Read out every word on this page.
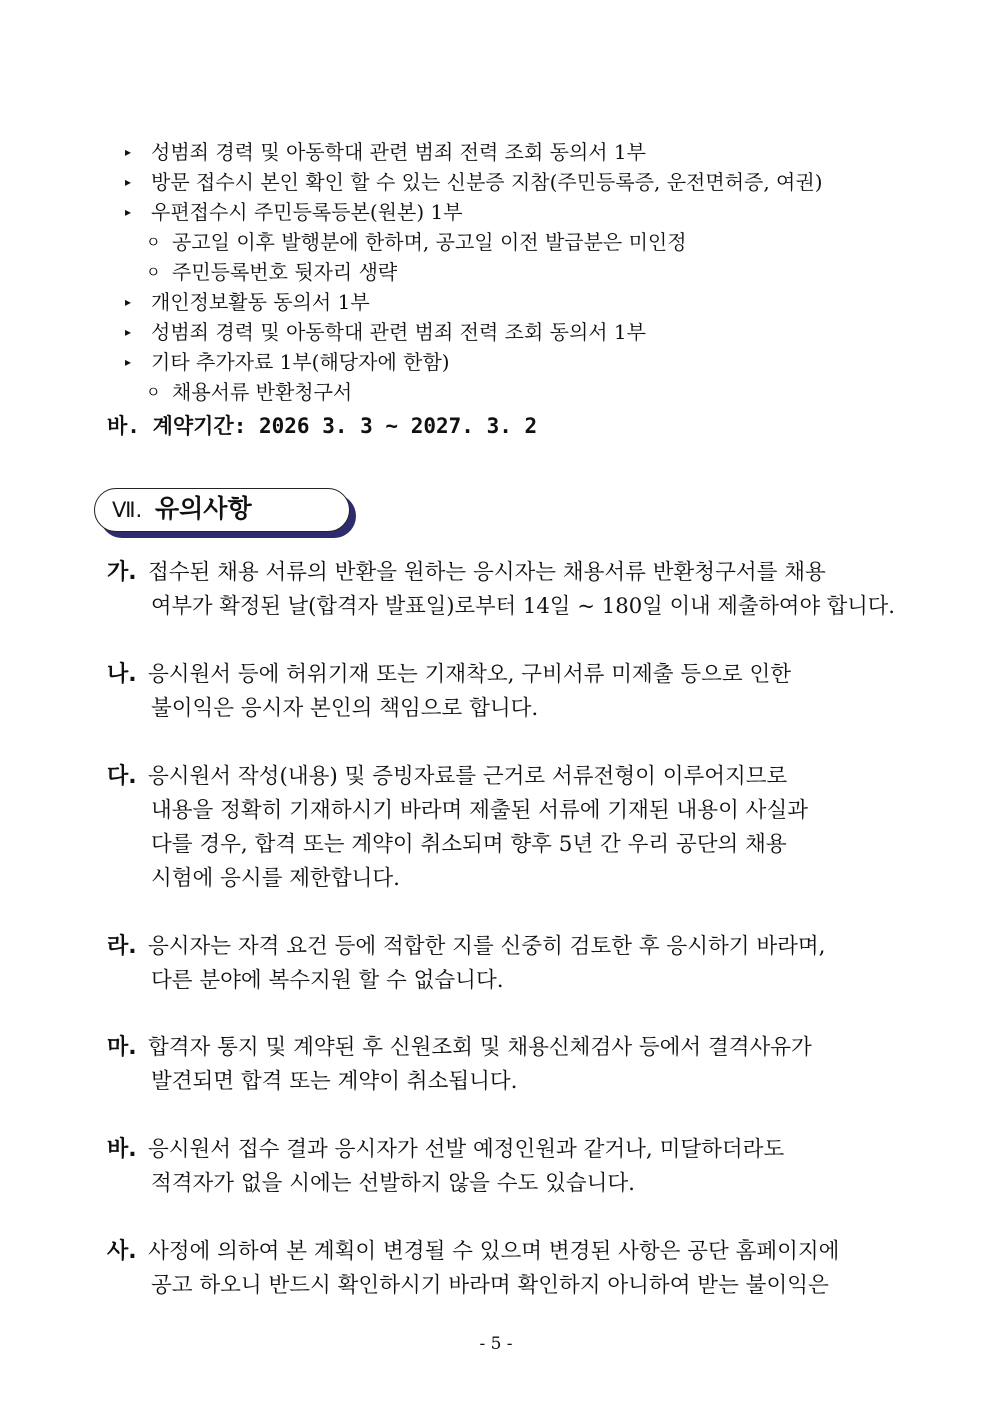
▸ 성범죄 경력 및 아동학대 관련 범죄 전력 조회 동의서 1부
▸ 방문 접수시 본인 확인 할 수 있는 신분증 지참(주민등록증, 운전면허증, 여권)
▸ 우편접수시 주민등록등본(원본) 1부
ㅇ 공고일 이후 발행분에 한하며, 공고일 이전 발급분은 미인정
ㅇ 주민등록번호 뒷자리 생략
▸ 개인정보활동 동의서 1부
▸ 성범죄 경력 및 아동학대 관련 범죄 전력 조회 동의서 1부
▸ 기타 추가자료 1부(해당자에 한함)
ㅇ 채용서류 반환청구서
바. 계약기간: 2026 3. 3 ~ 2027. 3. 2
Ⅶ. 유의사항
가. 접수된 채용 서류의 반환을 원하는 응시자는 채용서류 반환청구서를 채용
여부가 확정된 날(합격자 발표일)로부터 14일 ~ 180일 이내 제출하여야 합니다.
나. 응시원서 등에 허위기재 또는 기재착오, 구비서류 미제출 등으로 인한
불이익은 응시자 본인의 책임으로 합니다.
다. 응시원서 작성(내용) 및 증빙자료를 근거로 서류전형이 이루어지므로
내용을 정확히 기재하시기 바라며 제출된 서류에 기재된 내용이 사실과
다를 경우, 합격 또는 계약이 취소되며 향후 5년 간 우리 공단의 채용
시험에 응시를 제한합니다.
라. 응시자는 자격 요건 등에 적합한 지를 신중히 검토한 후 응시하기 바라며,
다른 분야에 복수지원 할 수 없습니다.
마. 합격자 통지 및 계약된 후 신원조회 및 채용신체검사 등에서 결격사유가
발견되면 합격 또는 계약이 취소됩니다.
바. 응시원서 접수 결과 응시자가 선발 예정인원과 같거나, 미달하더라도
적격자가 없을 시에는 선발하지 않을 수도 있습니다.
사. 사정에 의하여 본 계획이 변경될 수 있으며 변경된 사항은 공단 홈페이지에
공고 하오니 반드시 확인하시기 바라며 확인하지 아니하여 받는 불이익은
- 5 -
